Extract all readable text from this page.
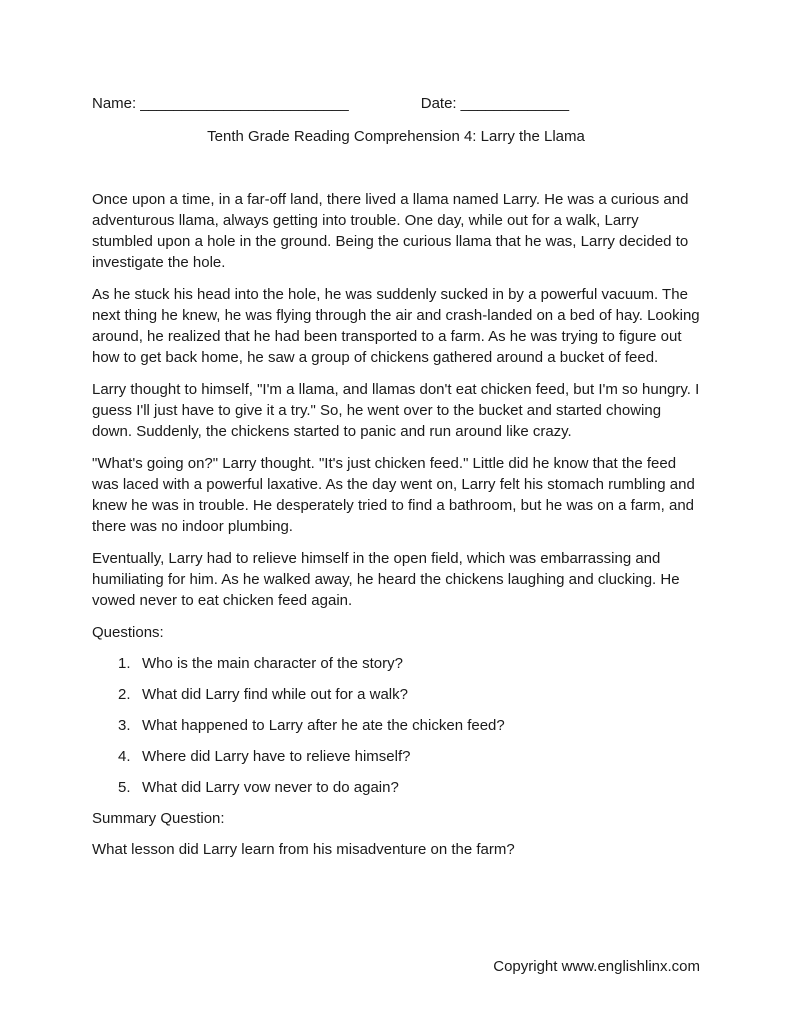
Name: _________________________	Date: _____________
Tenth Grade Reading Comprehension 4: Larry the Llama

Once upon a time, in a far-off land, there lived a llama named Larry. He was a curious and adventurous llama, always getting into trouble. One day, while out for a walk, Larry stumbled upon a hole in the ground. Being the curious llama that he was, Larry decided to investigate the hole.

As he stuck his head into the hole, he was suddenly sucked in by a powerful vacuum. The next thing he knew, he was flying through the air and crash-landed on a bed of hay. Looking around, he realized that he had been transported to a farm. As he was trying to figure out how to get back home, he saw a group of chickens gathered around a bucket of feed.

Larry thought to himself, "I'm a llama, and llamas don't eat chicken feed, but I'm so hungry. I guess I'll just have to give it a try." So, he went over to the bucket and started chowing down. Suddenly, the chickens started to panic and run around like crazy.

"What's going on?" Larry thought. "It's just chicken feed." Little did he know that the feed was laced with a powerful laxative. As the day went on, Larry felt his stomach rumbling and knew he was in trouble. He desperately tried to find a bathroom, but he was on a farm, and there was no indoor plumbing.

Eventually, Larry had to relieve himself in the open field, which was embarrassing and humiliating for him. As he walked away, he heard the chickens laughing and clucking. He vowed never to eat chicken feed again.

Questions:
1. Who is the main character of the story?
2. What did Larry find while out for a walk?
3. What happened to Larry after he ate the chicken feed?
4. Where did Larry have to relieve himself?
5. What did Larry vow never to do again?
Summary Question:

What lesson did Larry learn from his misadventure on the farm?

Copyright www.englishlinx.com
